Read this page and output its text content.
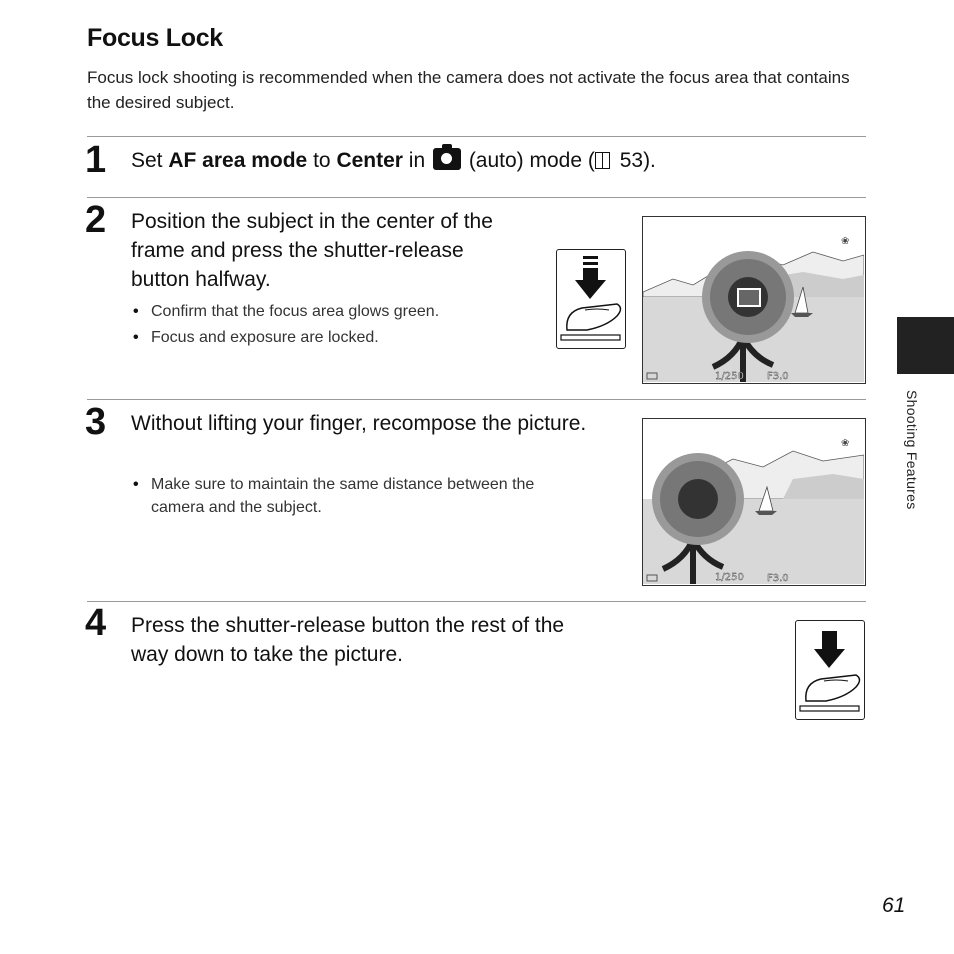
Focus Lock
Focus lock shooting is recommended when the camera does not activate the focus area that contains the desired subject.
1 Set AF area mode to Center in  (auto) mode ( 53).
2 Position the subject in the center of the frame and press the shutter-release button halfway.
• Confirm that the focus area glows green.
• Focus and exposure are locked.
❀
1/250 F3.0
3 Without lifting your finger, recompose the picture.
• Make sure to maintain the same distance between the camera and the subject.
❀
1/250 F3.0
4 Press the shutter-release button the rest of the way down to take the picture.
Shooting Features
61
